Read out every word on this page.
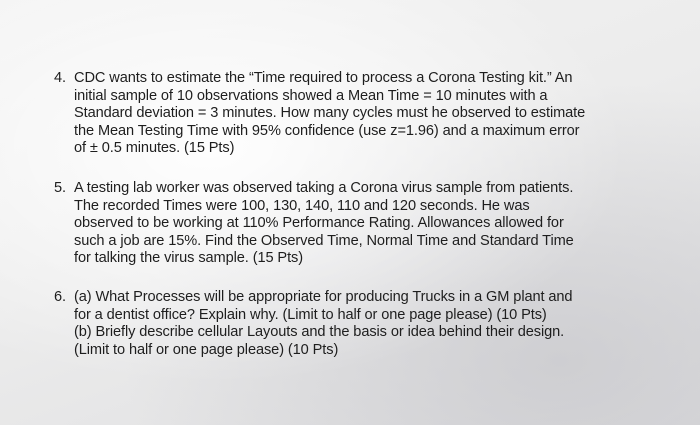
4. CDC wants to estimate the “Time required to process a Corona Testing kit.” An
initial sample of 10 observations showed a Mean Time = 10 minutes with a
Standard deviation = 3 minutes. How many cycles must he observed to estimate
the Mean Testing Time with 95% confidence (use z=1.96) and a maximum error
of ± 0.5 minutes. (15 Pts)
5. A testing lab worker was observed taking a Corona virus sample from patients.
The recorded Times were 100, 130, 140, 110 and 120 seconds. He was
observed to be working at 110% Performance Rating. Allowances allowed for
such a job are 15%. Find the Observed Time, Normal Time and Standard Time
for talking the virus sample. (15 Pts)
6. (a) What Processes will be appropriate for producing Trucks in a GM plant and
for a dentist office? Explain why. (Limit to half or one page please) (10 Pts)
(b) Briefly describe cellular Layouts and the basis or idea behind their design.
(Limit to half or one page please) (10 Pts)
